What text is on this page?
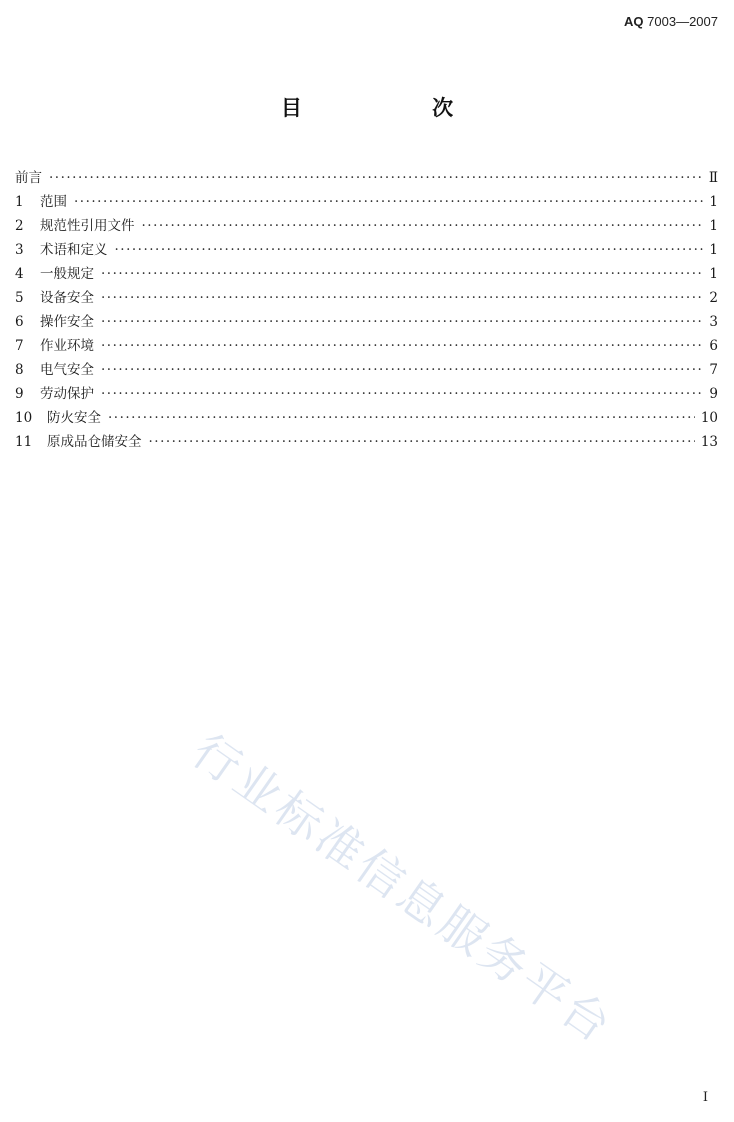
AQ 7003—2007
目　次
前言 ·····	Ⅱ
1	范围 ·····	1
2	规范性引用文件 ·····	1
3	术语和定义 ·····	1
4	一般规定 ·····	1
5	设备安全 ·····	2
6	操作安全 ·····	3
7	作业环境 ·····	6
8	电气安全 ·····	7
9	劳动保护 ·····	9
10	防火安全 ·····	10
11	原成品仓储安全 ·····	13
行业标准信息服务平台
I
